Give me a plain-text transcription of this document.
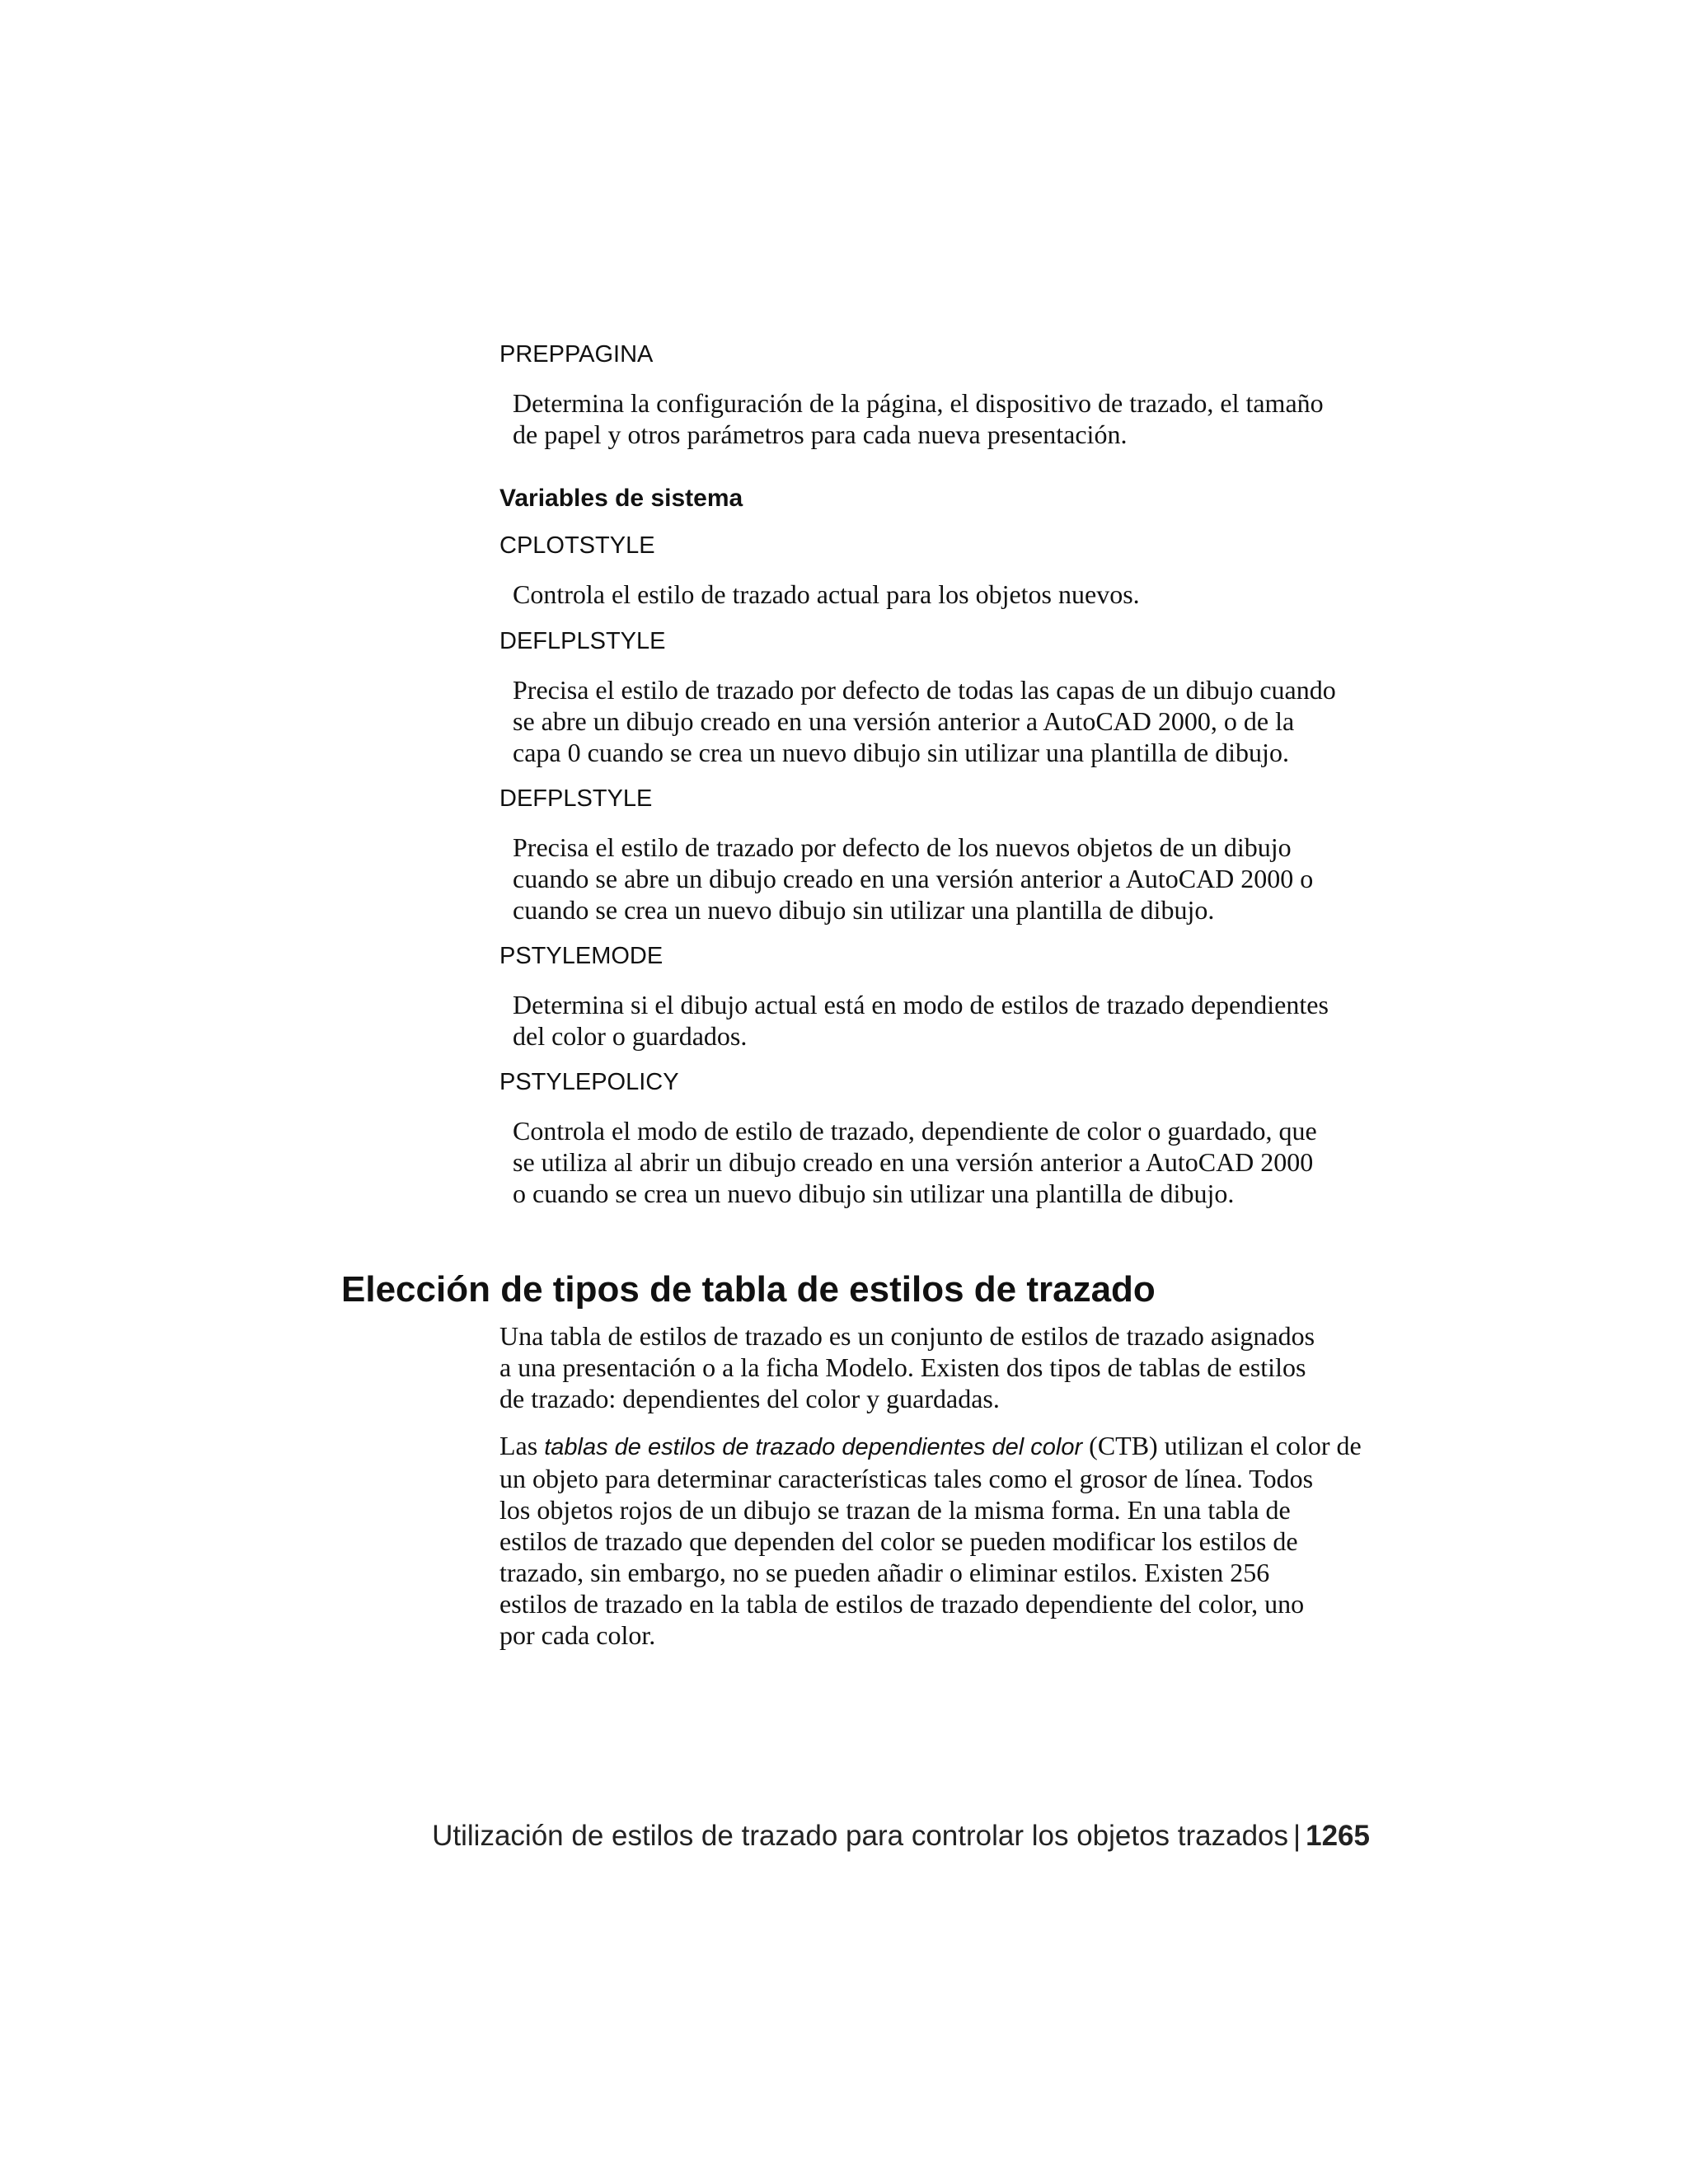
PREPPAGINA
Determina la configuración de la página, el dispositivo de trazado, el tamaño
de papel y otros parámetros para cada nueva presentación.
Variables de sistema
CPLOTSTYLE
Controla el estilo de trazado actual para los objetos nuevos.
DEFLPLSTYLE
Precisa el estilo de trazado por defecto de todas las capas de un dibujo cuando
se abre un dibujo creado en una versión anterior a AutoCAD 2000, o de la
capa 0 cuando se crea un nuevo dibujo sin utilizar una plantilla de dibujo.
DEFPLSTYLE
Precisa el estilo de trazado por defecto de los nuevos objetos de un dibujo
cuando se abre un dibujo creado en una versión anterior a AutoCAD 2000 o
cuando se crea un nuevo dibujo sin utilizar una plantilla de dibujo.
PSTYLEMODE
Determina si el dibujo actual está en modo de estilos de trazado dependientes
del color o guardados.
PSTYLEPOLICY
Controla el modo de estilo de trazado, dependiente de color o guardado, que
se utiliza al abrir un dibujo creado en una versión anterior a AutoCAD 2000
o cuando se crea un nuevo dibujo sin utilizar una plantilla de dibujo.
Elección de tipos de tabla de estilos de trazado
Una tabla de estilos de trazado es un conjunto de estilos de trazado asignados
a una presentación o a la ficha Modelo. Existen dos tipos de tablas de estilos
de trazado: dependientes del color y guardadas.
Las tablas de estilos de trazado dependientes del color (CTB) utilizan el color de
un objeto para determinar características tales como el grosor de línea. Todos
los objetos rojos de un dibujo se trazan de la misma forma. En una tabla de
estilos de trazado que dependen del color se pueden modificar los estilos de
trazado, sin embargo, no se pueden añadir o eliminar estilos. Existen 256
estilos de trazado en la tabla de estilos de trazado dependiente del color, uno
por cada color.
Utilización de estilos de trazado para controlar los objetos trazados | 1265
